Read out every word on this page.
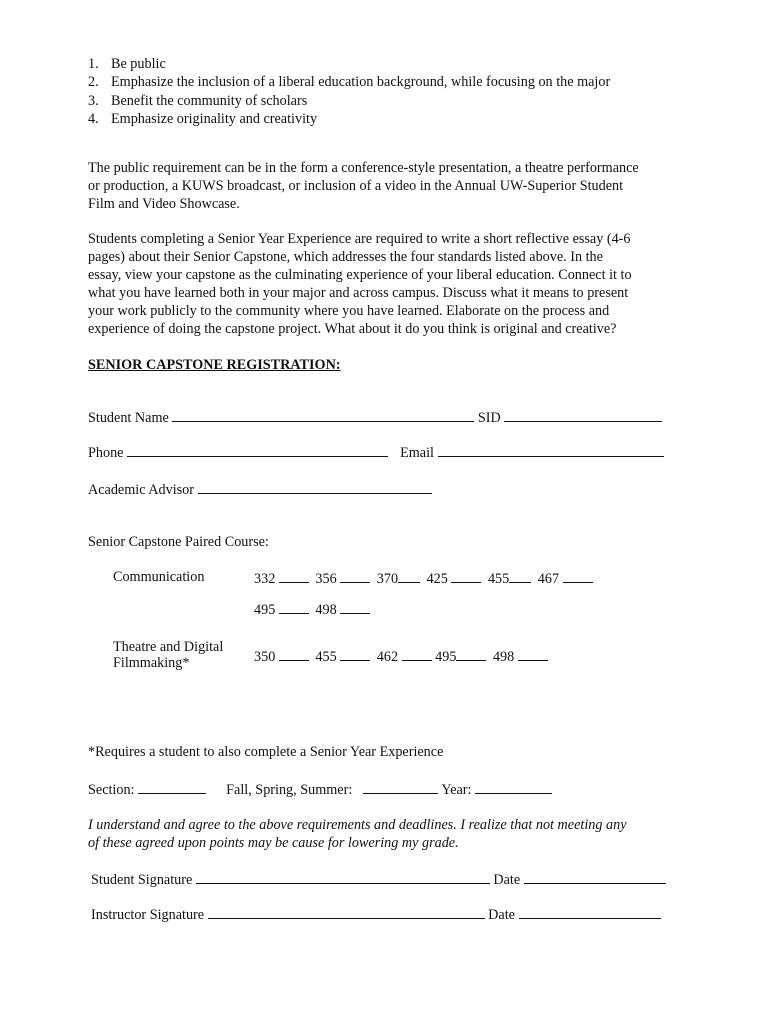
1. Be public
2. Emphasize the inclusion of a liberal education background, while focusing on the major
3. Benefit the community of scholars
4. Emphasize originality and creativity

The public requirement can be in the form a conference-style presentation, a theatre performance
or production, a KUWS broadcast, or inclusion of a video in the Annual UW-Superior Student
Film and Video Showcase.

Students completing a Senior Year Experience are required to write a short reflective essay (4-6
pages) about their Senior Capstone, which addresses the four standards listed above. In the
essay, view your capstone as the culminating experience of your liberal education. Connect it to
what you have learned both in your major and across campus. Discuss what it means to present
your work publicly to the community where you have learned. Elaborate on the process and
experience of doing the capstone project. What about it do you think is original and creative?

SENIOR CAPSTONE REGISTRATION:
Student Name	SID
Phone	Email
Academic Advisor
Senior Capstone Paired Course:
Communication	332	356	370 425	455 467
495	498
Theatre and Digital
Filmmaking*	350	455	462	495	498
*Requires a student to also complete a Senior Year Experience
Section:	Fall, Spring, Summer:	Year:

I understand and agree to the above requirements and deadlines. I realize that not meeting any
of these agreed upon points may be cause for lowering my grade.

Student Signature	Date
Instructor Signature	Date
